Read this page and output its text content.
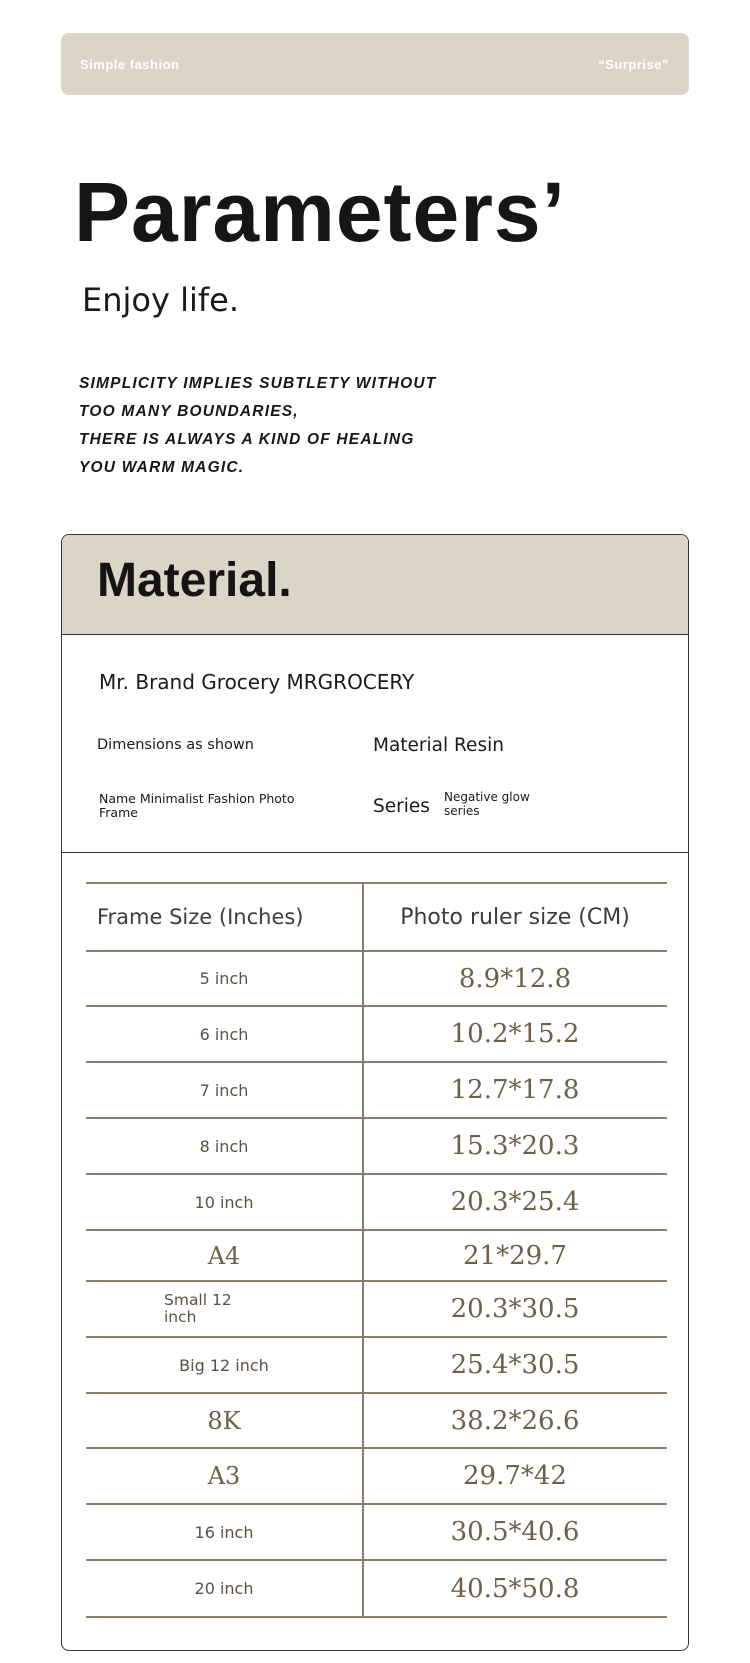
Simple fashion	“Surprise”
Parameters’
Enjoy life.
SIMPLICITY IMPLIES SUBTLETY WITHOUT
TOO MANY BOUNDARIES,
THERE IS ALWAYS A KIND OF HEALING
YOU WARM MAGIC.
Material.
Mr. Brand Grocery MRGROCERY
Dimensions as shown	Material Resin
Name Minimalist Fashion Photo Frame	Series Negative glow series
Frame Size (Inches)	Photo ruler size (CM)
5 inch	8.9*12.8
6 inch	10.2*15.2
7 inch	12.7*17.8
8 inch	15.3*20.3
10 inch	20.3*25.4
A4	21*29.7
Small 12 inch	20.3*30.5
Big 12 inch	25.4*30.5
8K	38.2*26.6
A3	29.7*42
16 inch	30.5*40.6
20 inch	40.5*50.8
